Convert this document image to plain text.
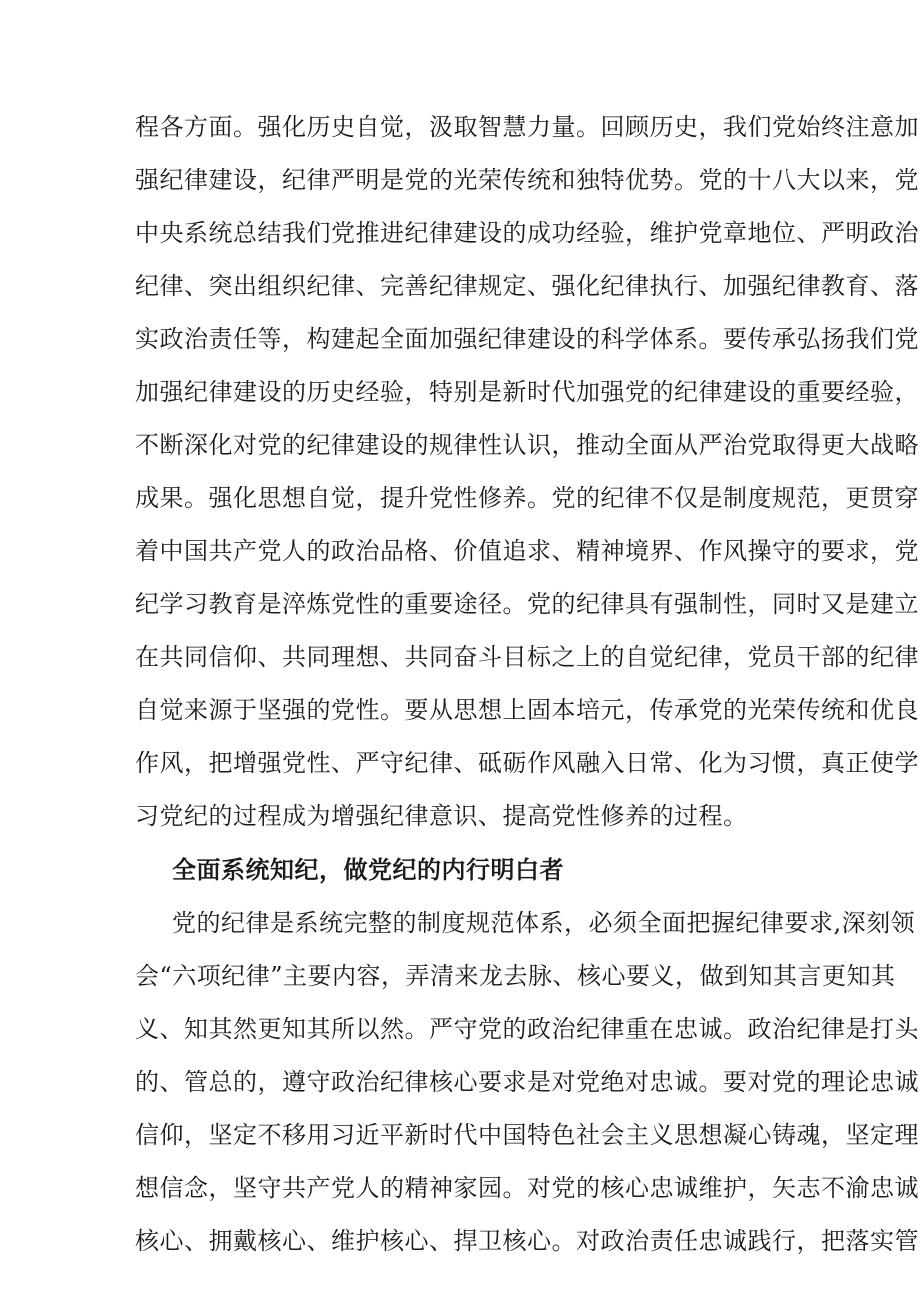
程各方面。强化历史自觉，汲取智慧力量。回顾历史，我们党始终注意加
强纪律建设，纪律严明是党的光荣传统和独特优势。党的十八大以来，党
中央系统总结我们党推进纪律建设的成功经验，维护党章地位、严明政治
纪律、突出组织纪律、完善纪律规定、强化纪律执行、加强纪律教育、落
实政治责任等，构建起全面加强纪律建设的科学体系。要传承弘扬我们党
加强纪律建设的历史经验，特别是新时代加强党的纪律建设的重要经验，
不断深化对党的纪律建设的规律性认识，推动全面从严治党取得更大战略
成果。强化思想自觉，提升党性修养。党的纪律不仅是制度规范，更贯穿
着中国共产党人的政治品格、价值追求、精神境界、作风操守的要求，党
纪学习教育是淬炼党性的重要途径。党的纪律具有强制性，同时又是建立
在共同信仰、共同理想、共同奋斗目标之上的自觉纪律，党员干部的纪律
自觉来源于坚强的党性。要从思想上固本培元，传承党的光荣传统和优良
作风，把增强党性、严守纪律、砥砺作风融入日常、化为习惯，真正使学
习党纪的过程成为增强纪律意识、提高党性修养的过程。
全面系统知纪，做党纪的内行明白者
党的纪律是系统完整的制度规范体系，必须全面把握纪律要求,深刻领
会“六项纪律”主要内容，弄清来龙去脉、核心要义，做到知其言更知其
义、知其然更知其所以然。严守党的政治纪律重在忠诚。政治纪律是打头
的、管总的，遵守政治纪律核心要求是对党绝对忠诚。要对党的理论忠诚
信仰，坚定不移用习近平新时代中国特色社会主义思想凝心铸魂，坚定理
想信念，坚守共产党人的精神家园。对党的核心忠诚维护，矢志不渝忠诚
核心、拥戴核心、维护核心、捍卫核心。对政治责任忠诚践行，把落实管
